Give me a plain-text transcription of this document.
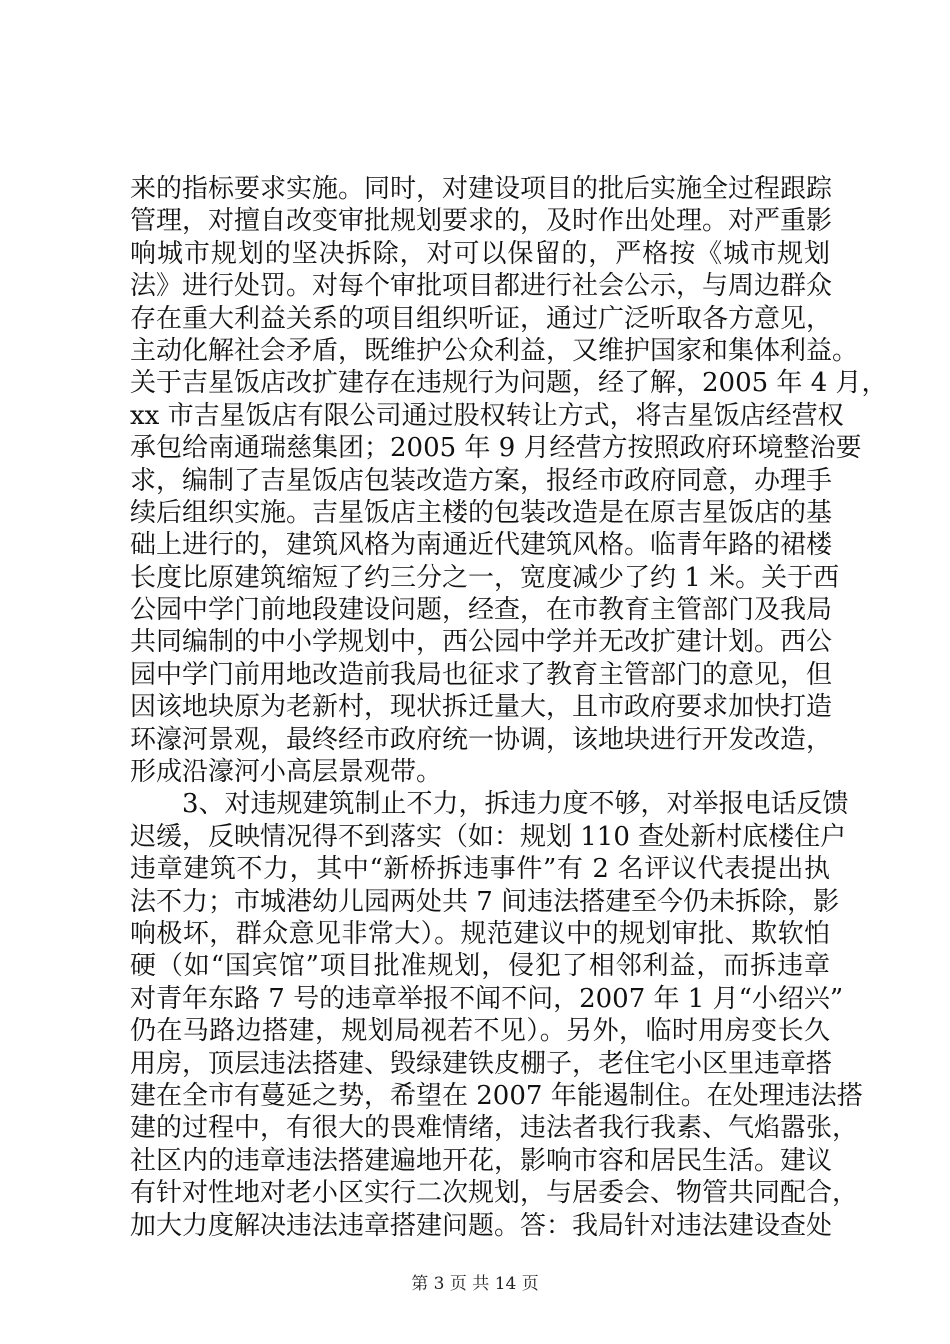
来的指标要求实施。同时，对建设项目的批后实施全过程跟踪
管理，对擅自改变审批规划要求的，及时作出处理。对严重影
响城市规划的坚决拆除，对可以保留的，严格按《城市规划
法》进行处罚。对每个审批项目都进行社会公示，与周边群众
存在重大利益关系的项目组织听证，通过广泛听取各方意见，
主动化解社会矛盾，既维护公众利益，又维护国家和集体利益。
关于吉星饭店改扩建存在违规行为问题，经了解，2005 年 4 月，
xx 市吉星饭店有限公司通过股权转让方式，将吉星饭店经营权
承包给南通瑞慈集团；2005 年 9 月经营方按照政府环境整治要
求，编制了吉星饭店包装改造方案，报经市政府同意，办理手
续后组织实施。吉星饭店主楼的包装改造是在原吉星饭店的基
础上进行的，建筑风格为南通近代建筑风格。临青年路的裙楼
长度比原建筑缩短了约三分之一，宽度减少了约 1 米。关于西
公园中学门前地段建设问题，经查，在市教育主管部门及我局
共同编制的中小学规划中，西公园中学并无改扩建计划。西公
园中学门前用地改造前我局也征求了教育主管部门的意见，但
因该地块原为老新村，现状拆迁量大，且市政府要求加快打造
环濠河景观，最终经市政府统一协调，该地块进行开发改造，
形成沿濠河小高层景观带。
3、对违规建筑制止不力，拆违力度不够，对举报电话反馈
迟缓，反映情况得不到落实（如：规划 110 查处新村底楼住户
违章建筑不力，其中“新桥拆违事件”有 2 名评议代表提出执
法不力；市城港幼儿园两处共 7 间违法搭建至今仍未拆除，影
响极坏，群众意见非常大）。规范建议中的规划审批、欺软怕
硬（如“国宾馆”项目批准规划，侵犯了相邻利益，而拆违章
对青年东路 7 号的违章举报不闻不问，2007 年 1 月“小绍兴”
仍在马路边搭建，规划局视若不见）。另外，临时用房变长久
用房，顶层违法搭建、毁绿建铁皮棚子，老住宅小区里违章搭
建在全市有蔓延之势，希望在 2007 年能遏制住。在处理违法搭
建的过程中，有很大的畏难情绪，违法者我行我素、气焰嚣张，
社区内的违章违法搭建遍地开花，影响市容和居民生活。建议
有针对性地对老小区实行二次规划，与居委会、物管共同配合，
加大力度解决违法违章搭建问题。答：我局针对违法建设查处
第 3 页 共 14 页
